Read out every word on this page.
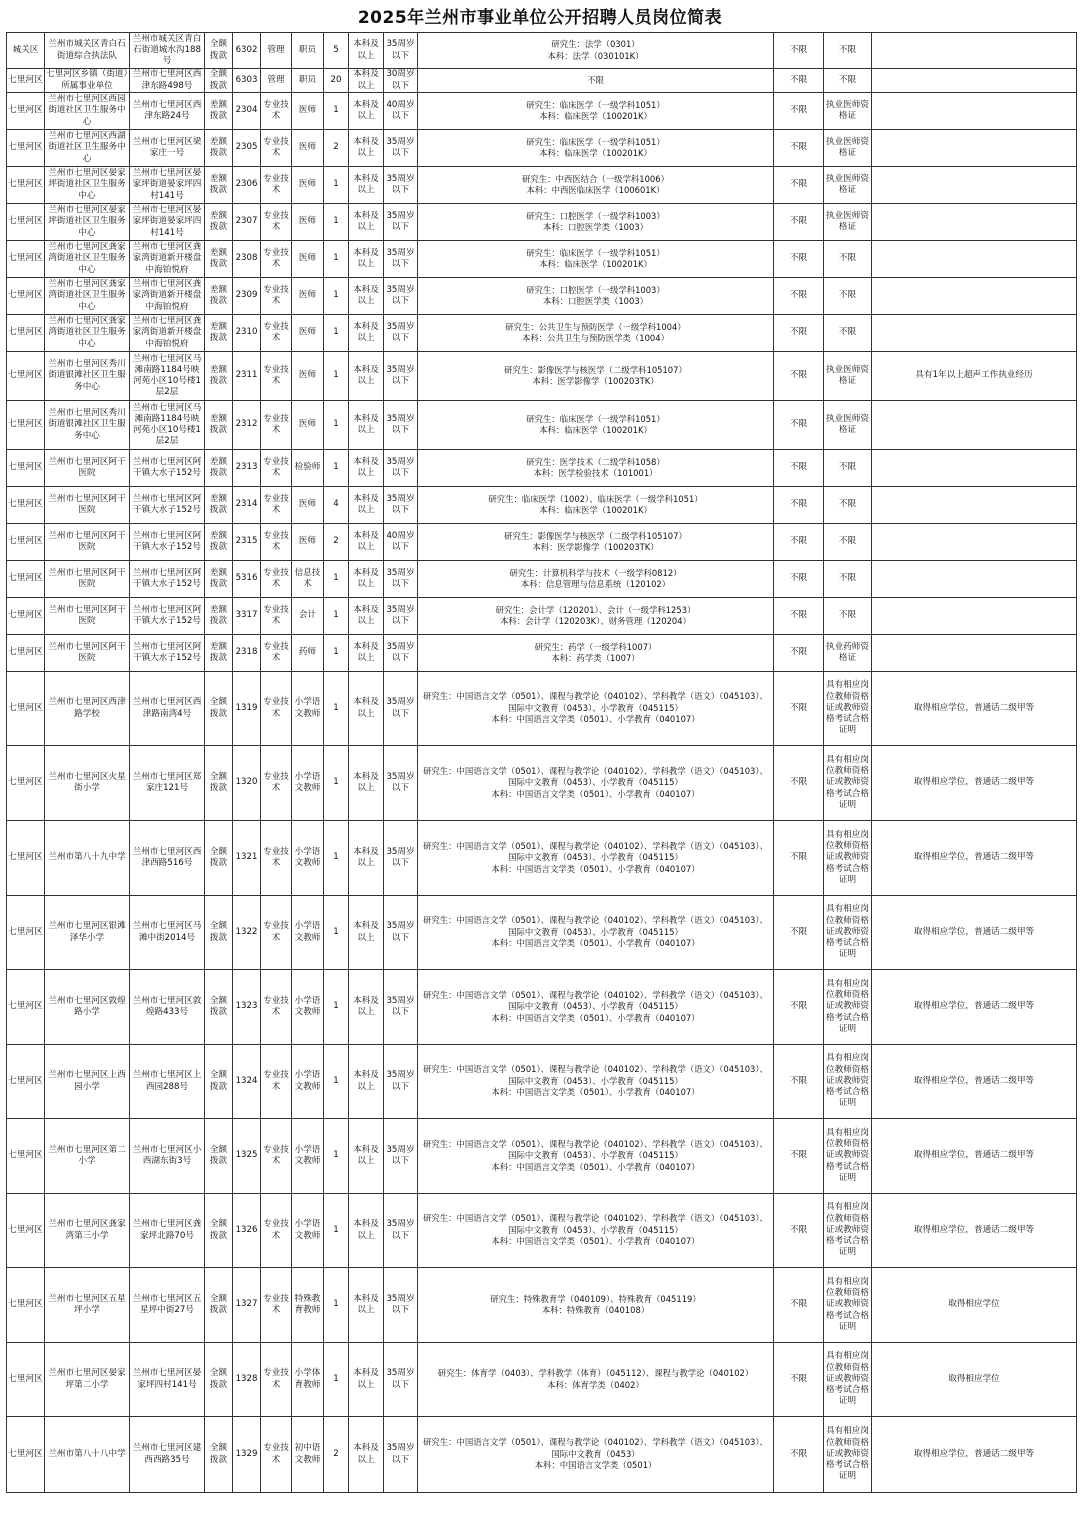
2025年兰州市事业单位公开招聘人员岗位简表
城关区	兰州市城关区青白石街道综合执法队	兰州市城关区青白石街道城水沟188号	全额拨款	6302	管理	职员	5	本科及以上	35周岁以下	研究生：法学（0301）
本科：法学（030101K）	不限	不限	
七里河区	七里河区乡镇（街道）所属事业单位	兰州市七里河区西津东路498号	全额拨款	6303	管理	职员	20	本科及以上	30周岁以下	不限	不限	不限	
七里河区	兰州市七里河区西园街道社区卫生服务中心	兰州市七里河区西津东路24号	差额拨款	2304	专业技术	医师	1	本科及以上	40周岁以下	研究生：临床医学（一级学科1051）
本科：临床医学（100201K）	不限	执业医师资格证	
七里河区	兰州市七里河区西湖街道社区卫生服务中心	兰州市七里河区梁家庄一号	差额拨款	2305	专业技术	医师	2	本科及以上	35周岁以下	研究生：临床医学（一级学科1051）
本科：临床医学（100201K）	不限	执业医师资格证	
七里河区	兰州市七里河区晏家坪街道社区卫生服务中心	兰州市七里河区晏家坪街道晏家坪四村141号	差额拨款	2306	专业技术	医师	1	本科及以上	35周岁以下	研究生：中西医结合（一级学科1006）
本科：中西医临床医学（100601K）	不限	执业医师资格证	
七里河区	兰州市七里河区晏家坪街道社区卫生服务中心	兰州市七里河区晏家坪街道晏家坪四村141号	差额拨款	2307	专业技术	医师	1	本科及以上	35周岁以下	研究生：口腔医学（一级学科1003）
本科：口腔医学类（1003）	不限	执业医师资格证	
七里河区	兰州市七里河区龚家湾街道社区卫生服务中心	兰州市七里河区龚家湾街道新开楼盘中海铂悦府	差额拨款	2308	专业技术	医师	1	本科及以上	35周岁以下	研究生：临床医学（一级学科1051）
本科：临床医学（100201K）	不限	不限	
七里河区	兰州市七里河区龚家湾街道社区卫生服务中心	兰州市七里河区龚家湾街道新开楼盘中海铂悦府	差额拨款	2309	专业技术	医师	1	本科及以上	35周岁以下	研究生：口腔医学（一级学科1003）
本科：口腔医学类（1003）	不限	不限	
七里河区	兰州市七里河区龚家湾街道社区卫生服务中心	兰州市七里河区龚家湾街道新开楼盘中海铂悦府	差额拨款	2310	专业技术	医师	1	本科及以上	35周岁以下	研究生：公共卫生与预防医学（一级学科1004）
本科：公共卫生与预防医学类（1004）	不限	不限	
七里河区	兰州市七里河区秀川街道银滩社区卫生服务中心	兰州市七里河区马滩南路1184号映河苑小区10号楼1层2层	差额拨款	2311	专业技术	医师	1	本科及以上	35周岁以下	研究生：影像医学与核医学（二级学科105107）
本科：医学影像学（100203TK）	不限	执业医师资格证	具有1年以上超声工作执业经历
七里河区	兰州市七里河区秀川街道银滩社区卫生服务中心	兰州市七里河区马滩南路1184号映河苑小区10号楼1层2层	差额拨款	2312	专业技术	医师	1	本科及以上	35周岁以下	研究生：临床医学（一级学科1051）
本科：临床医学（100201K）	不限	执业医师资格证	
七里河区	兰州市七里河区阿干医院	兰州市七里河区阿干镇大水子152号	差额拨款	2313	专业技术	检验师	1	本科及以上	35周岁以下	研究生：医学技术（二级学科1058）
本科：医学检验技术（101001）	不限	不限	
七里河区	兰州市七里河区阿干医院	兰州市七里河区阿干镇大水子152号	差额拨款	2314	专业技术	医师	4	本科及以上	35周岁以下	研究生：临床医学（1002）、临床医学（一级学科1051）
本科：临床医学（100201K）	不限	不限	
七里河区	兰州市七里河区阿干医院	兰州市七里河区阿干镇大水子152号	差额拨款	2315	专业技术	医师	2	本科及以上	40周岁以下	研究生：影像医学与核医学（二级学科105107）
本科：医学影像学（100203TK）	不限	不限	
七里河区	兰州市七里河区阿干医院	兰州市七里河区阿干镇大水子152号	差额拨款	5316	专业技术	信息技术	1	本科及以上	35周岁以下	研究生：计算机科学与技术（一级学科0812）
本科：信息管理与信息系统（120102）	不限	不限	
七里河区	兰州市七里河区阿干医院	兰州市七里河区阿干镇大水子152号	差额拨款	3317	专业技术	会计	1	本科及以上	35周岁以下	研究生：会计学（120201）、会计（一级学科1253）
本科：会计学（120203K）、财务管理（120204）	不限	不限	
七里河区	兰州市七里河区阿干医院	兰州市七里河区阿干镇大水子152号	差额拨款	2318	专业技术	药师	1	本科及以上	35周岁以下	研究生：药学（一级学科1007）
本科：药学类（1007）	不限	执业药师资格证	
七里河区	兰州市七里河区西津路学校	兰州市七里河区西津路南湾4号	全额拨款	1319	专业技术	小学语文教师	1	本科及以上	35周岁以下	研究生：中国语言文学（0501）、课程与教学论（040102）、学科教学（语文）（045103）、国际中文教育（0453）、小学教育（045115）
本科：中国语言文学类（0501）、小学教育（040107）	不限	具有相应岗位教师资格证或教师资格考试合格证明	取得相应学位，普通话二级甲等
七里河区	兰州市七里河区火星街小学	兰州市七里河区郑家庄121号	全额拨款	1320	专业技术	小学语文教师	1	本科及以上	35周岁以下	研究生：中国语言文学（0501）、课程与教学论（040102）、学科教学（语文）（045103）、国际中文教育（0453）、小学教育（045115）
本科：中国语言文学类（0501）、小学教育（040107）	不限	具有相应岗位教师资格证或教师资格考试合格证明	取得相应学位，普通话二级甲等
七里河区	兰州市第八十九中学	兰州市七里河区西津西路516号	全额拨款	1321	专业技术	小学语文教师	1	本科及以上	35周岁以下	研究生：中国语言文学（0501）、课程与教学论（040102）、学科教学（语文）（045103）、国际中文教育（0453）、小学教育（045115）
本科：中国语言文学类（0501）、小学教育（040107）	不限	具有相应岗位教师资格证或教师资格考试合格证明	取得相应学位，普通话二级甲等
七里河区	兰州市七里河区银滩泽华小学	兰州市七里河区马滩中街2014号	全额拨款	1322	专业技术	小学语文教师	1	本科及以上	35周岁以下	研究生：中国语言文学（0501）、课程与教学论（040102）、学科教学（语文）（045103）、国际中文教育（0453）、小学教育（045115）
本科：中国语言文学类（0501）、小学教育（040107）	不限	具有相应岗位教师资格证或教师资格考试合格证明	取得相应学位，普通话二级甲等
七里河区	兰州市七里河区敦煌路小学	兰州市七里河区敦煌路433号	全额拨款	1323	专业技术	小学语文教师	1	本科及以上	35周岁以下	研究生：中国语言文学（0501）、课程与教学论（040102）、学科教学（语文）（045103）、国际中文教育（0453）、小学教育（045115）
本科：中国语言文学类（0501）、小学教育（040107）	不限	具有相应岗位教师资格证或教师资格考试合格证明	取得相应学位，普通话二级甲等
七里河区	兰州市七里河区上西园小学	兰州市七里河区上西园288号	全额拨款	1324	专业技术	小学语文教师	1	本科及以上	35周岁以下	研究生：中国语言文学（0501）、课程与教学论（040102）、学科教学（语文）（045103）、国际中文教育（0453）、小学教育（045115）
本科：中国语言文学类（0501）、小学教育（040107）	不限	具有相应岗位教师资格证或教师资格考试合格证明	取得相应学位，普通话二级甲等
七里河区	兰州市七里河区第二小学	兰州市七里河区小西湖东街3号	全额拨款	1325	专业技术	小学语文教师	1	本科及以上	35周岁以下	研究生：中国语言文学（0501）、课程与教学论（040102）、学科教学（语文）（045103）、国际中文教育（0453）、小学教育（045115）
本科：中国语言文学类（0501）、小学教育（040107）	不限	具有相应岗位教师资格证或教师资格考试合格证明	取得相应学位，普通话二级甲等
七里河区	兰州市七里河区龚家湾第三小学	兰州市七里河区龚家坪北路70号	全额拨款	1326	专业技术	小学语文教师	1	本科及以上	35周岁以下	研究生：中国语言文学（0501）、课程与教学论（040102）、学科教学（语文）（045103）、国际中文教育（0453）、小学教育（045115）
本科：中国语言文学类（0501）、小学教育（040107）	不限	具有相应岗位教师资格证或教师资格考试合格证明	取得相应学位，普通话二级甲等
七里河区	兰州市七里河区五星坪小学	兰州市七里河区五星坪中街27号	全额拨款	1327	专业技术	特殊教育教师	1	本科及以上	35周岁以下	研究生：特殊教育学（040109）、特殊教育（045119）
本科：特殊教育（040108）	不限	具有相应岗位教师资格证或教师资格考试合格证明	取得相应学位
七里河区	兰州市七里河区晏家坪第二小学	兰州市七里河区晏家坪四村141号	全额拨款	1328	专业技术	小学体育教师	1	本科及以上	35周岁以下	研究生：体育学（0403）、学科教学（体育）（045112）、课程与教学论（040102）
本科：体育学类（0402）	不限	具有相应岗位教师资格证或教师资格考试合格证明	取得相应学位
七里河区	兰州市第八十八中学	兰州市七里河区建西西路35号	全额拨款	1329	专业技术	初中语文教师	2	本科及以上	35周岁以下	研究生：中国语言文学（0501）、课程与教学论（040102）、学科教学（语文）（045103）、国际中文教育（0453）
本科：中国语言文学类（0501）	不限	具有相应岗位教师资格证或教师资格考试合格证明	取得相应学位，普通话二级甲等
